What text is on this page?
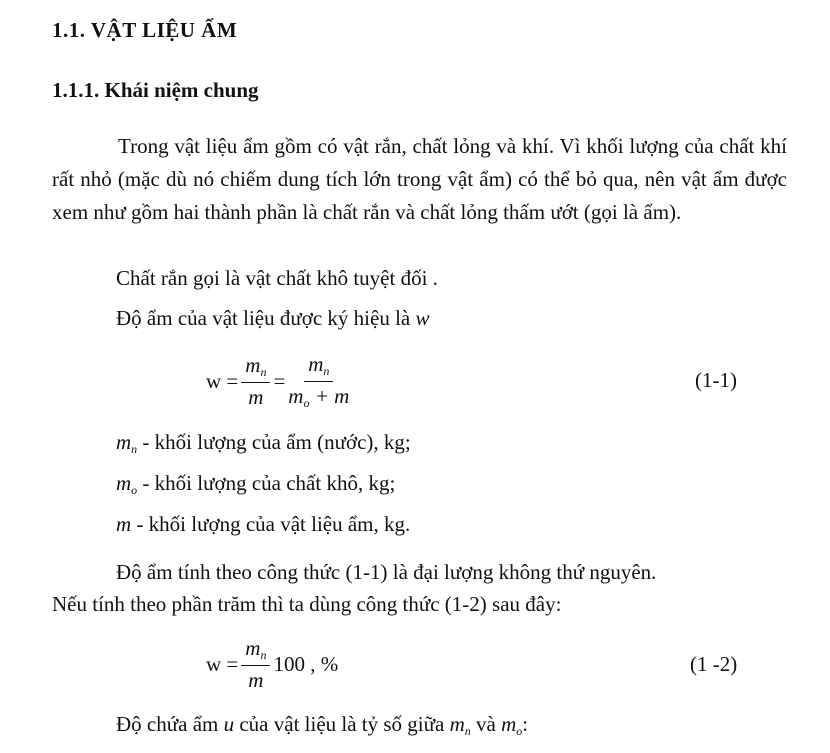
1.1. VẬT LIỆU ẨM
1.1.1. Khái niệm chung
Trong vật liệu ẩm gồm có vật rắn, chất lỏng và khí. Vì khối lượng của chất khí rất nhỏ (mặc dù nó chiếm dung tích lớn trong vật ẩm) có thể bỏ qua, nên vật ẩm được xem như gồm hai thành phần là chất rắn và chất lỏng thấm ướt (gọi là ẩm).
Chất rắn gọi là vật chất khô tuyệt đối .
Độ ẩm của vật liệu được ký hiệu là w
$w = \frac{m_n}{m} = \frac{m_n}{m_o + m}$	(1-1)
$m_n$ - khối lượng của ẩm (nước), kg;
$m_o$ - khối lượng của chất khô, kg;
m - khối lượng của vật liệu ẩm, kg.
Độ ẩm tính theo công thức (1-1) là đại lượng không thứ nguyên.
Nếu tính theo phần trăm thì ta dùng công thức (1-2) sau đây:
$w = \frac{m_n}{m} 100$ , %	(1 -2)
Độ chứa ẩm u của vật liệu là tỷ số giữa $m_n$ và $m_o$:
